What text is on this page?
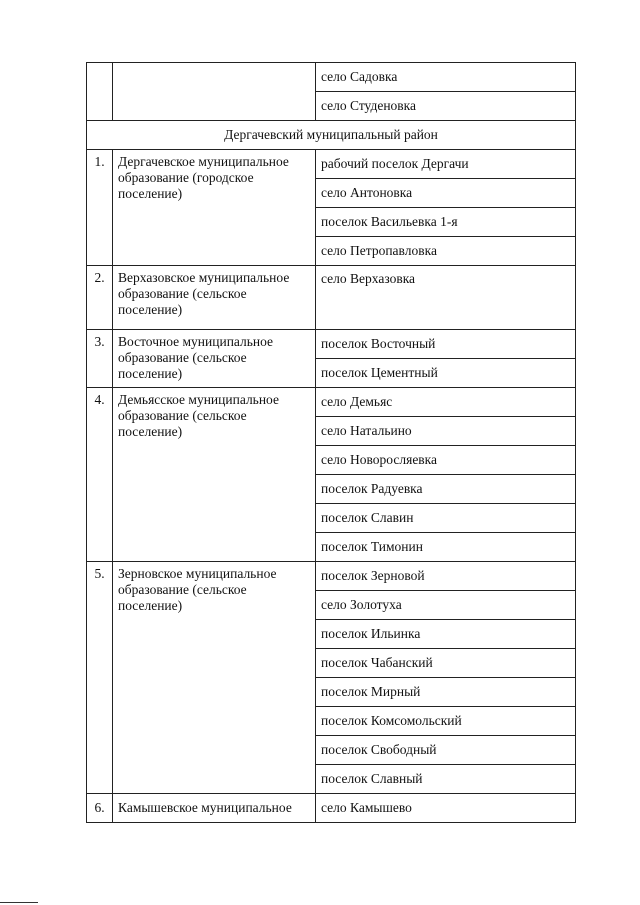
		село Садовка
		село Студеновка
Дергачевский муниципальный район		
1.	Дергачевское муниципальное образование (городское поселение)	рабочий поселок Дергачи
		село Антоновка
		поселок Васильевка 1-я
		село Петропавловка
2.	Верхазовское муниципальное образование (сельское поселение)	село Верхазовка
3.	Восточное муниципальное образование (сельское поселение)	поселок Восточный
		поселок Цементный
4.	Демьясское муниципальное образование (сельское поселение)	село Демьяс
		село Натальино
		село Новоросляевка
		поселок Радуевка
		поселок Славин
		поселок Тимонин
5.	Зерновское муниципальное образование (сельское поселение)	поселок Зерновой
		село Золотуха
		поселок Ильинка
		поселок Чабанский
		поселок Мирный
		поселок Комсомольский
		поселок Свободный
		поселок Славный
6.	Камышевское муниципальное	село Камышево
